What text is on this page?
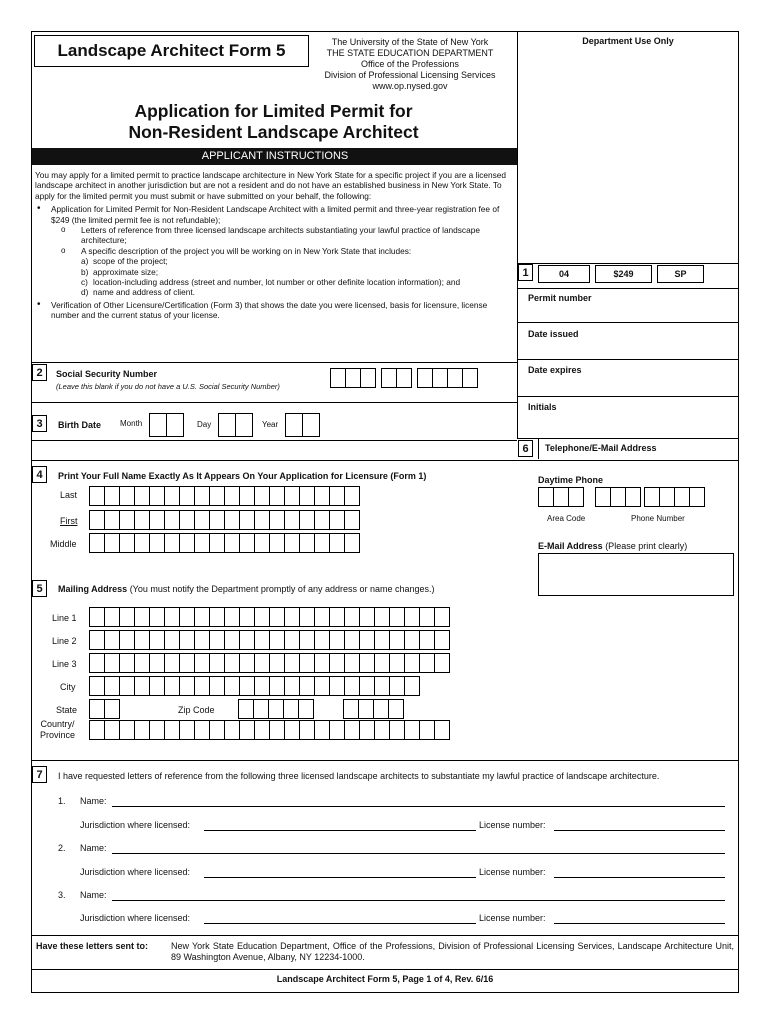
Landscape Architect Form 5	The University of the State of New York
THE STATE EDUCATION DEPARTMENT
Office of the Professions
Division of Professional Licensing Services
www.op.nysed.gov
Application for Limited Permit for
Non-Resident Landscape Architect
APPLICANT INSTRUCTIONS
You may apply for a limited permit to practice landscape architecture in New York State for a specific project if you are a licensed landscape architect in another jurisdiction but are not a resident and do not have an established business in New York State. To apply for the limited permit you must submit or have submitted on your behalf, the following:
• Application for Limited Permit for Non-Resident Landscape Architect with a limited permit and three-year registration fee of $249 (the limited permit fee is not refundable);
o Letters of reference from three licensed landscape architects substantiating your lawful practice of landscape architecture;
o A specific description of the project you will be working on in New York State that includes:
a) scope of the project;
b) approximate size;
c) location-including address (street and number, lot number or other definite location information); and
d) name and address of client.
• Verification of Other Licensure/Certification (Form 3) that shows the date you were licensed, basis for licensure, license number and the current status of your license.
Department Use Only
1	04	$249	SP
Permit number
Date issued
Date expires
Initials
6	Telephone/E-Mail Address
Daytime Phone
Area Code	Phone Number
E-Mail Address (Please print clearly)
2	Social Security Number
(Leave this blank if you do not have a U.S. Social Security Number)
3	Birth Date Month	Day	Year
4	Print Your Full Name Exactly As It Appears On Your Application for Licensure (Form 1)
Last
First
Middle
5	Mailing Address (You must notify the Department promptly of any address or name changes.)
Line 1
Line 2
Line 3
City
State	Zip Code
Country/
Province
7	I have requested letters of reference from the following three licensed landscape architects to substantiate my lawful practice of landscape architecture.
1. Name:
Jurisdiction where licensed:	License number:
2. Name:
Jurisdiction where licensed:	License number:
3. Name:
Jurisdiction where licensed:	License number:
Have these letters sent to:	New York State Education Department, Office of the Professions, Division of Professional Licensing Services, Landscape Architecture Unit, 89 Washington Avenue, Albany, NY 12234-1000.
Landscape Architect Form 5, Page 1 of 4, Rev. 6/16
